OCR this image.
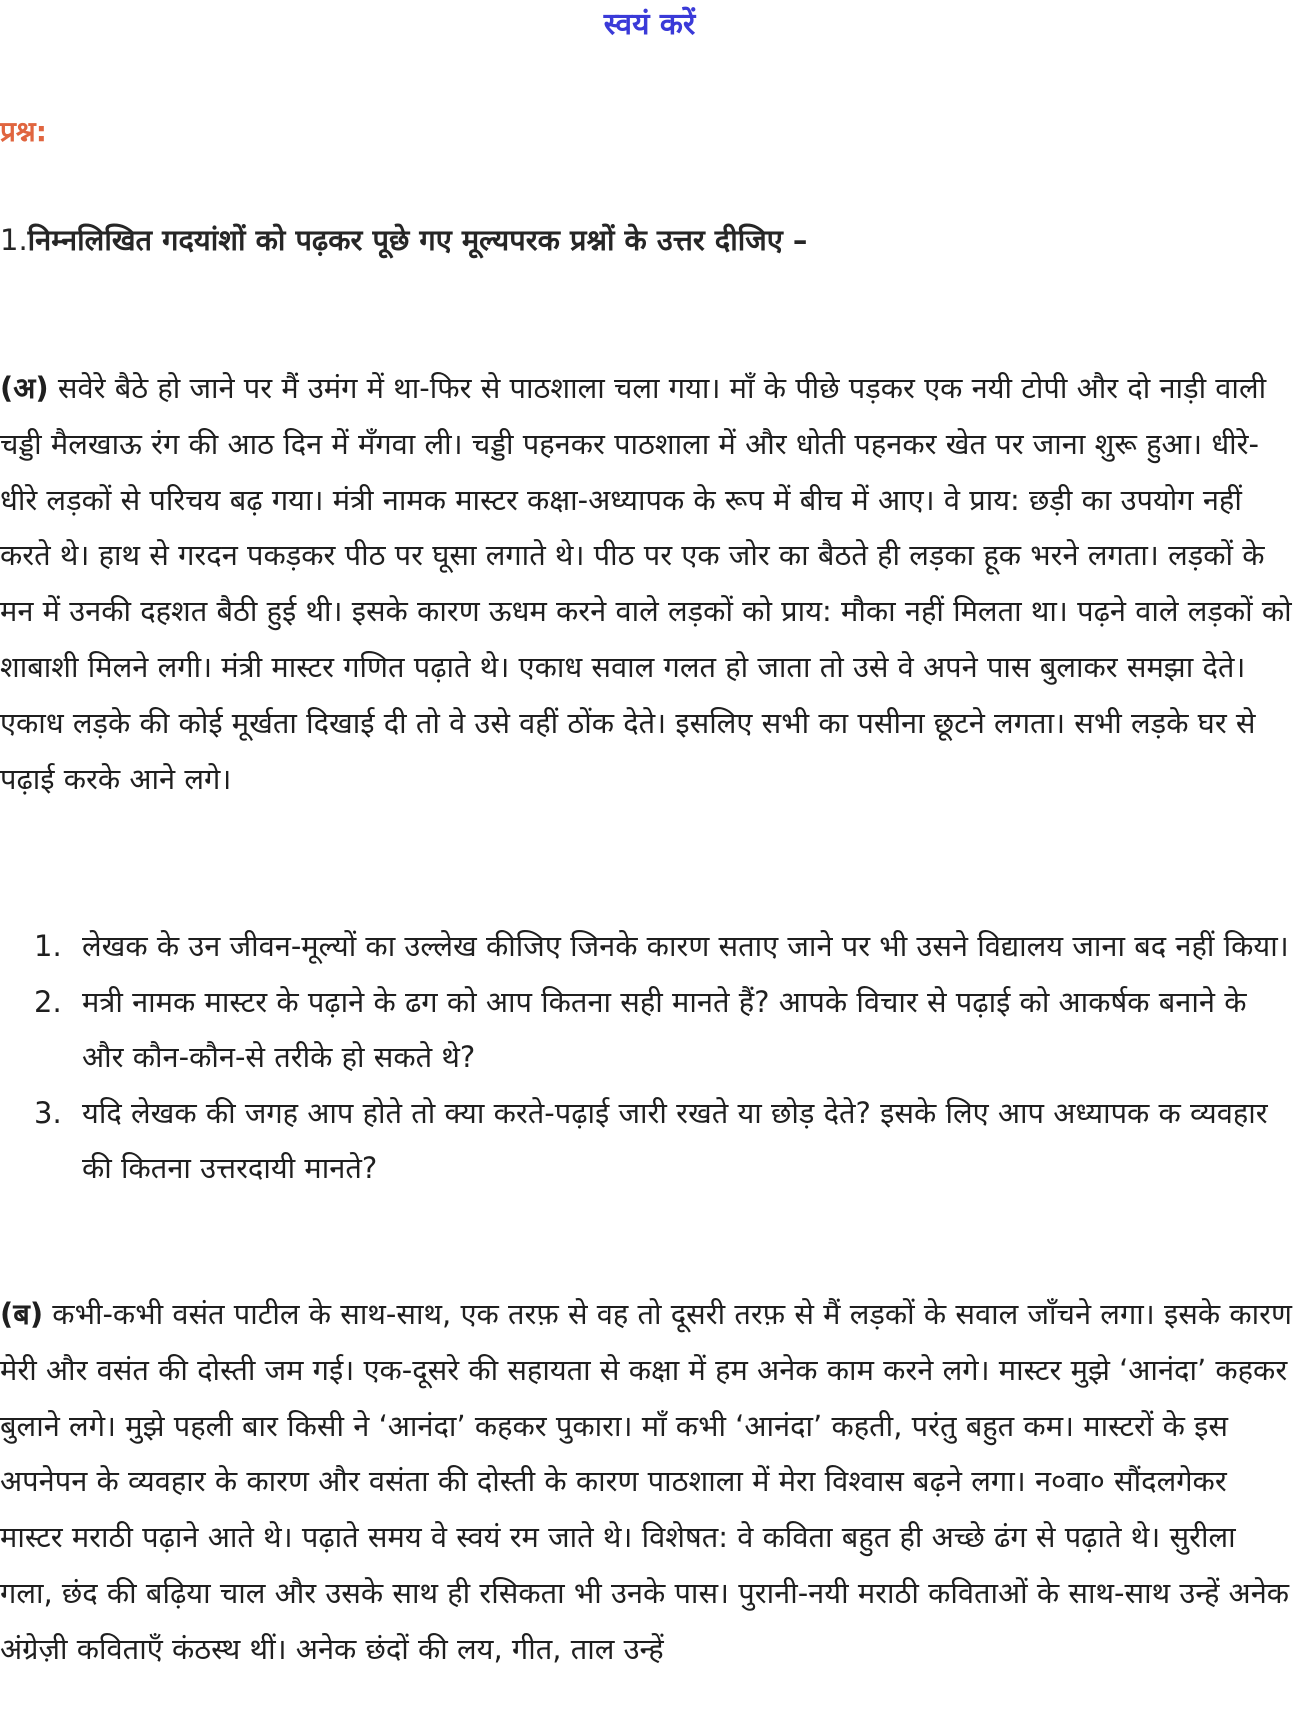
स्वयं करें
प्रश्न:
1.निम्नलिखित गदयांशों को पढ़कर पूछे गए मूल्यपरक प्रश्नों के उत्तर दीजिए –
(अ) सवेरे बैठे हो जाने पर मैं उमंग में था-फिर से पाठशाला चला गया। माँ के पीछे पड़कर एक नयी टोपी और दो नाड़ी वाली चड्डी मैलखाऊ रंग की आठ दिन में मँगवा ली। चड्डी पहनकर पाठशाला में और धोती पहनकर खेत पर जाना शुरू हुआ। धीरे-धीरे लड़कों से परिचय बढ़ गया। मंत्री नामक मास्टर कक्षा-अध्यापक के रूप में बीच में आए। वे प्राय: छड़ी का उपयोग नहीं करते थे। हाथ से गरदन पकड़कर पीठ पर घूसा लगाते थे। पीठ पर एक जोर का बैठते ही लड़का हूक भरने लगता। लड़कों के मन में उनकी दहशत बैठी हुई थी। इसके कारण ऊधम करने वाले लड़कों को प्राय: मौका नहीं मिलता था। पढ़ने वाले लड़कों को शाबाशी मिलने लगी। मंत्री मास्टर गणित पढ़ाते थे। एकाध सवाल गलत हो जाता तो उसे वे अपने पास बुलाकर समझा देते। एकाध लड़के की कोई मूर्खता दिखाई दी तो वे उसे वहीं ठोंक देते। इसलिए सभी का पसीना छूटने लगता। सभी लड़के घर से पढ़ाई करके आने लगे।
1. लेखक के उन जीवन-मूल्यों का उल्लेख कीजिए जिनके कारण सताए जाने पर भी उसने विद्यालय जाना बद नहीं किया।
2. मत्री नामक मास्टर के पढ़ाने के ढग को आप कितना सही मानते हैं? आपके विचार से पढ़ाई को आकर्षक बनाने के और कौन-कौन-से तरीके हो सकते थे?
3. यदि लेखक की जगह आप होते तो क्या करते-पढ़ाई जारी रखते या छोड़ देते? इसके लिए आप अध्यापक क व्यवहार की कितना उत्तरदायी मानते?
(ब) कभी-कभी वसंत पाटील के साथ-साथ, एक तरफ़ से वह तो दूसरी तरफ़ से मैं लड़कों के सवाल जाँचने लगा। इसके कारण मेरी और वसंत की दोस्ती जम गई। एक-दूसरे की सहायता से कक्षा में हम अनेक काम करने लगे। मास्टर मुझे ‘आनंदा’ कहकर बुलाने लगे। मुझे पहली बार किसी ने ‘आनंदा’ कहकर पुकारा। माँ कभी ‘आनंदा’ कहती, परंतु बहुत कम। मास्टरों के इस अपनेपन के व्यवहार के कारण और वसंता की दोस्ती के कारण पाठशाला में मेरा विश्वास बढ़ने लगा। न०वा० सौंदलगेकर मास्टर मराठी पढ़ाने आते थे। पढ़ाते समय वे स्वयं रम जाते थे। विशेषत: वे कविता बहुत ही अच्छे ढंग से पढ़ाते थे। सुरीला गला, छंद की बढ़िया चाल और उसके साथ ही रसिकता भी उनके पास। पुरानी-नयी मराठी कविताओं के साथ-साथ उन्हें अनेक अंग्रेज़ी कविताएँ कंठस्थ थीं। अनेक छंदों की लय, गीत, ताल उन्हें
